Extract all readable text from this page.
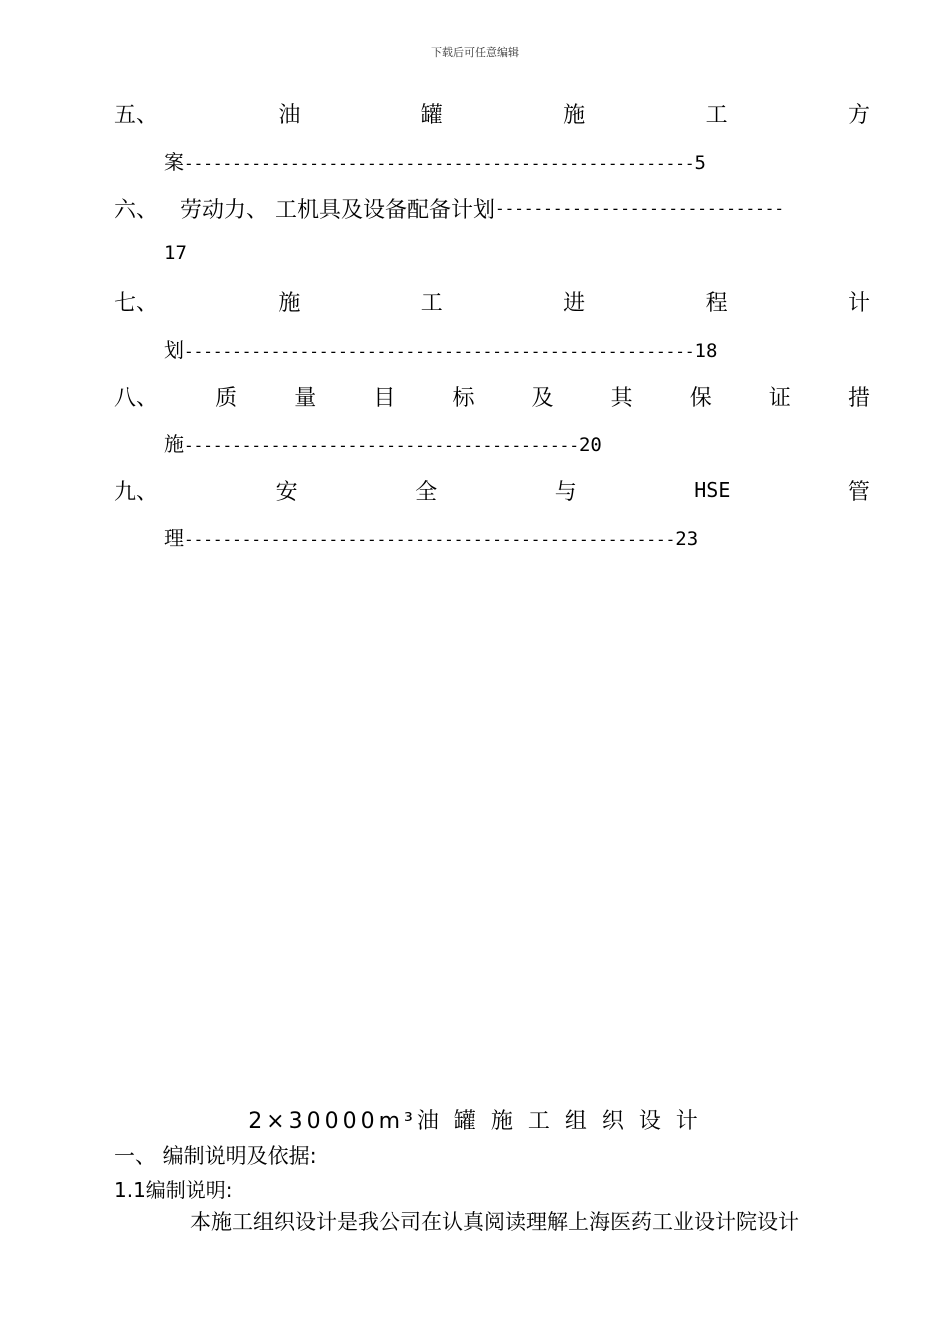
下载后可任意编辑
五、	油	罐	施	工	方
案-----------------------------------------------------5
六、 劳动力、 工机具及设备配备计划 ------------------------------
17
七、	施	工	进	程	计
划-----------------------------------------------------18
八、	质	量	目	标	及	其	保	证	措
施-----------------------------------------20
九、	安	全	与	HSE	管
理---------------------------------------------------23
2×30000m³油 罐 施 工 组 织 设 计
一、 编制说明及依据:
1.1编制说明:
本施工组织设计是我公司在认真阅读理解上海医药工业设计院设计
